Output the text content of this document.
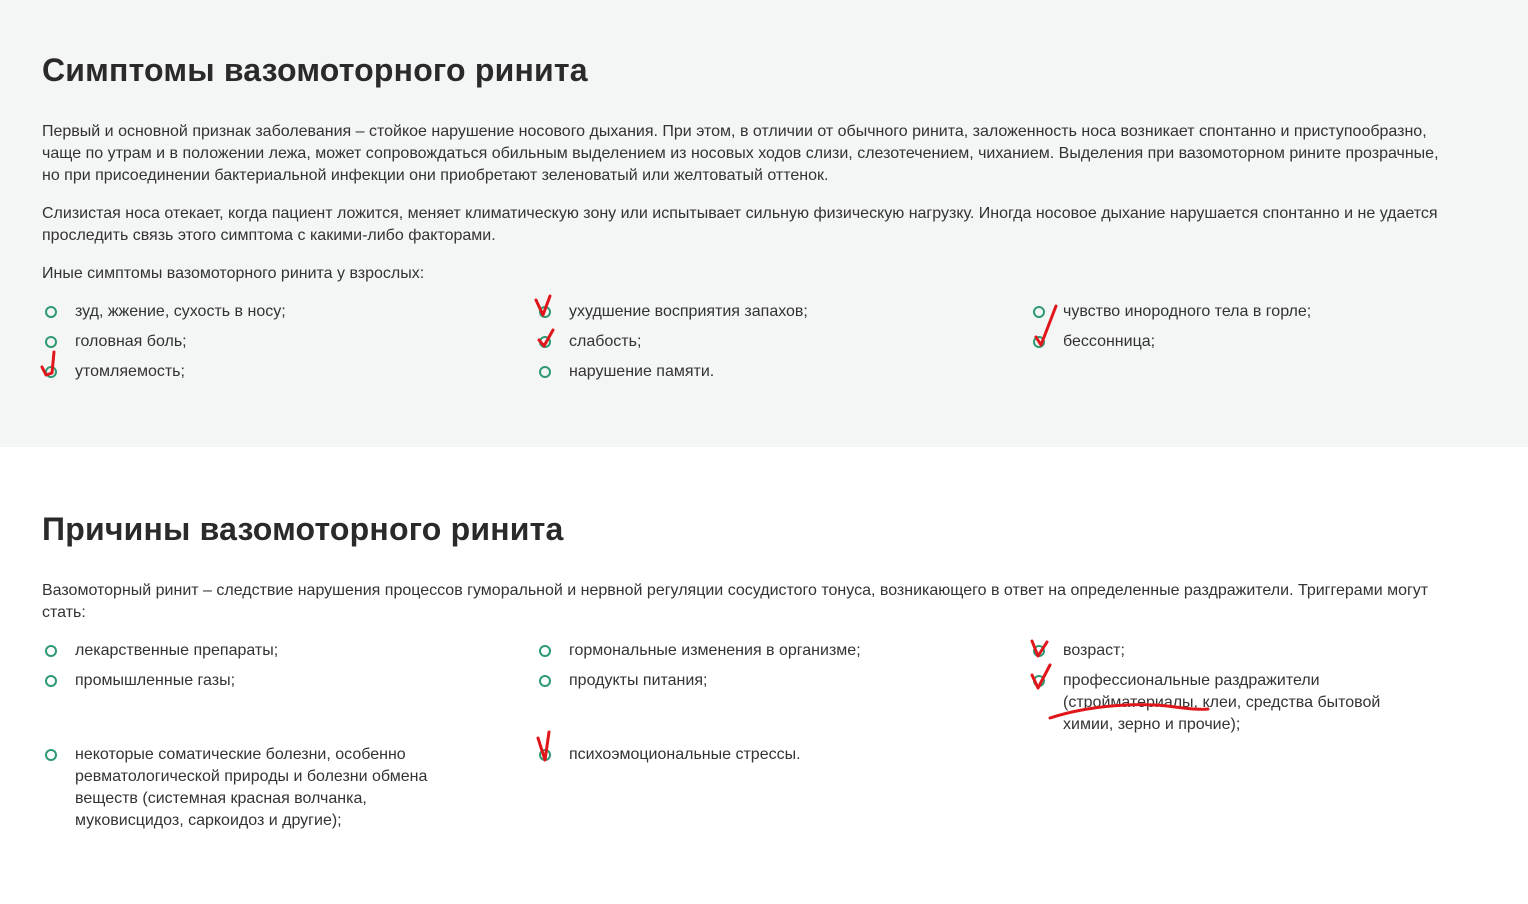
Симптомы вазомоторного ринита

Первый и основной признак заболевания – стойкое нарушение носового дыхания. При этом, в отличии от обычного ринита, заложенность носа возникает спонтанно и приступообразно, чаще по утрам и в положении лежа, может сопровождаться обильным выделением из носовых ходов слизи, слезотечением, чиханием. Выделения при вазомоторном рините прозрачные, но при присоединении бактериальной инфекции они приобретают зеленоватый или желтоватый оттенок.

Слизистая носа отекает, когда пациент ложится, меняет климатическую зону или испытывает сильную физическую нагрузку. Иногда носовое дыхание нарушается спонтанно и не удается проследить связь этого симптома с какими-либо факторами.

Иные симптомы вазомоторного ринита у взрослых:

зуд, жжение, сухость в носу;	ухудшение восприятия запахов;	чувство инородного тела в горле;
головная боль;	слабость;	бессонница;
утомляемость;	нарушение памяти.
Причины вазомоторного ринита

Вазомоторный ринит – следствие нарушения процессов гуморальной и нервной регуляции сосудистого тонуса, возникающего в ответ на определенные раздражители. Триггерами могут стать:

лекарственные препараты;	гормональные изменения в организме;	возраст;
промышленные газы;	продукты питания;	профессиональные раздражители (стройматериалы, клеи, средства бытовой химии, зерно и прочие);
некоторые соматические болезни, особенно ревматологической природы и болезни обмена веществ (системная красная волчанка, муковисцидоз, саркоидоз и другие);
психоэмоциональные стрессы.
